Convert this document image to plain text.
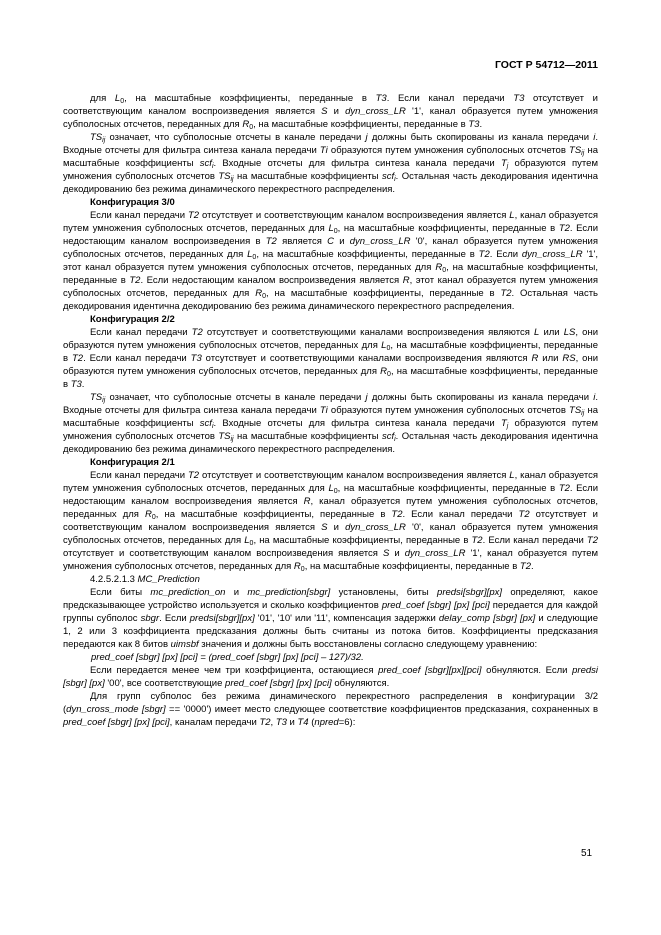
ГОСТ Р 54712—2011

для $L_0$, на масштабные коэффициенты, переданные в T3. Если канал передачи T3 отсутствует и соответствующим каналом воспроизведения является S и dyn_cross_LR '1', канал образуется путем умножения субполосных отсчетов, переданных для $R_0$, на масштабные коэффициенты, переданные в T3.

$TS_{ij}$ означает, что субполосные отсчеты в канале передачи j должны быть скопированы из канала передачи i. Входные отсчеты для фильтра синтеза канала передачи Ti образуются путем умножения субполосных отсчетов $TS_{ij}$ на масштабные коэффициенты scf$_i$. Входные отсчеты для фильтра синтеза канала передачи $T_j$ образуются путем умножения субполосных отсчетов $TS_{ij}$ на масштабные коэффициенты scf$_i$. Остальная часть декодирования идентична декодированию без режима динамического перекрестного распределения.

Конфигурация 3/0

Если канал передачи T2 отсутствует и соответствующим каналом воспроизведения является L, канал образуется путем умножения субполосных отсчетов, переданных для $L_0$, на масштабные коэффициенты, переданные в T2. Если недостающим каналом воспроизведения в T2 является C и dyn_cross_LR '0', канал образуется путем умножения субполосных отсчетов, переданных для $L_0$, на масштабные коэффициенты, переданные в T2. Если dyn_cross_LR '1', этот канал образуется путем умножения субполосных отсчетов, переданных для $R_0$, на масштабные коэффициенты, переданные в T2. Если недостающим каналом воспроизведения является R, этот канал образуется путем умножения субполосных отсчетов, переданных для $R_0$, на масштабные коэффициенты, переданные в T2. Остальная часть декодирования идентична декодированию без режима динамического перекрестного распределения.

Конфигурация 2/2

Если канал передачи T2 отсутствует и соответствующими каналами воспроизведения являются L или LS, они образуются путем умножения субполосных отсчетов, переданных для $L_0$, на масштабные коэффициенты, переданные в T2. Если канал передачи T3 отсутствует и соответствующими каналами воспроизведения являются R или RS, они образуются путем умножения субполосных отсчетов, переданных для $R_0$, на масштабные коэффициенты, переданные в T3.

$TS_{ij}$ означает, что субполосные отсчеты в канале передачи j должны быть скопированы из канала передачи i. Входные отсчеты для фильтра синтеза канала передачи Ti образуются путем умножения субполосных отсчетов $TS_{ij}$ на масштабные коэффициенты scf$_i$. Входные отсчеты для фильтра синтеза канала передачи $T_j$ образуются путем умножения субполосных отсчетов $TS_{ij}$ на масштабные коэффициенты scf$_i$. Остальная часть декодирования идентична декодированию без режима динамического перекрестного распределения.

Конфигурация 2/1

Если канал передачи T2 отсутствует и соответствующим каналом воспроизведения является L, канал образуется путем умножения субполосных отсчетов, переданных для $L_0$, на масштабные коэффициенты, переданные в T2. Если недостающим каналом воспроизведения является R, канал образуется путем умножения субполосных отсчетов, переданных для $R_0$, на масштабные коэффициенты, переданные в T2. Если канал передачи T2 отсутствует и соответствующим каналом воспроизведения является S и dyn_cross_LR '0', канал образуется путем умножения субполосных отсчетов, переданных для $L_0$, на масштабные коэффициенты, переданные в T2. Если канал передачи T2 отсутствует и соответствующим каналом воспроизведения является S и dyn_cross_LR '1', канал образуется путем умножения субполосных отсчетов, переданных для $R_0$, на масштабные коэффициенты, переданные в T2.

4.2.5.2.1.3 MC_Prediction

Если биты mc_prediction_on и mc_prediction[sbgr] установлены, биты predsi[sbgr][px] определяют, какое предсказывающее устройство используется и сколько коэффициентов pred_coef [sbgr] [px] [pci] передается для каждой группы субполос sbgr. Если predsi[sbgr][px] '01', '10' или '11', компенсация задержки delay_comp [sbgr] [px] и следующие 1, 2 или 3 коэффициента предсказания должны быть считаны из потока битов. Коэффициенты предсказания передаются как 8 битов uimsbf значения и должны быть восстановлены согласно следующему уравнению:

pred_coef [sbgr] [px] [pci] = (pred_coef [sbgr] [px] [pci] – 127)/32.

Если передается менее чем три коэффициента, остающиеся pred_coef [sbgr][px][pci] обнуляются. Если predsi [sbgr] [px] '00', все соответствующие pred_coef [sbgr] [px] [pci] обнуляются.

Для групп субполос без режима динамического перекрестного распределения в конфигурации 3/2 (dyn_cross_mode [sbgr] == '0000') имеет место следующее соответствие коэффициентов предсказания, сохраненных в pred_coef [sbgr] [px] [pci], каналам передачи T2, T3 и T4 (npred=6):

51
